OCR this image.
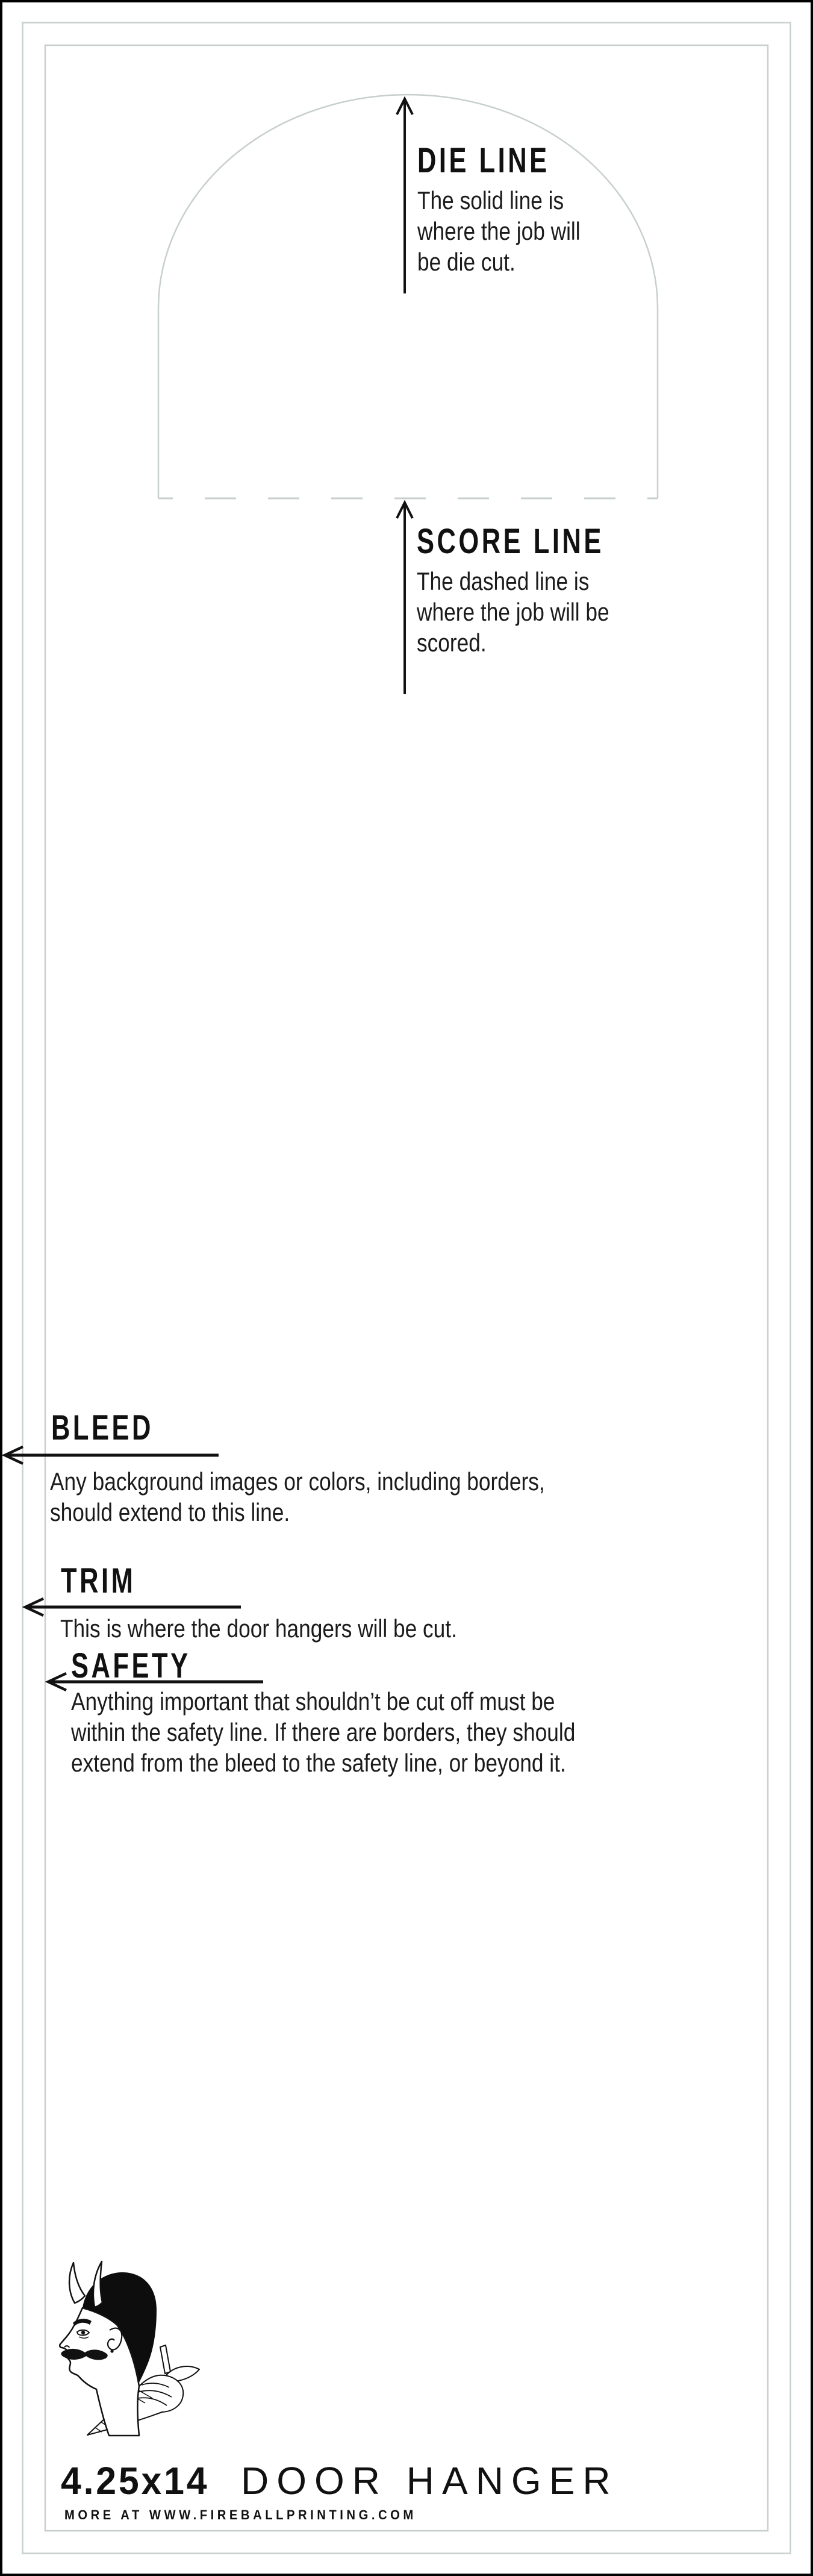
DIE LINE
The solid line is
where the job will
be die cut.
SCORE LINE
The dashed line is
where the job will be
scored.
BLEED
Any background images or colors, including borders,
should extend to this line.
TRIM
This is where the door hangers will be cut.
SAFETY
Anything important that shouldn’t be cut off must be
within the safety line. If there are borders, they should
extend from the bleed to the safety line, or beyond it.
4.25x14 DOOR HANGER
MORE AT WWW.FIREBALLPRINTING.COM
